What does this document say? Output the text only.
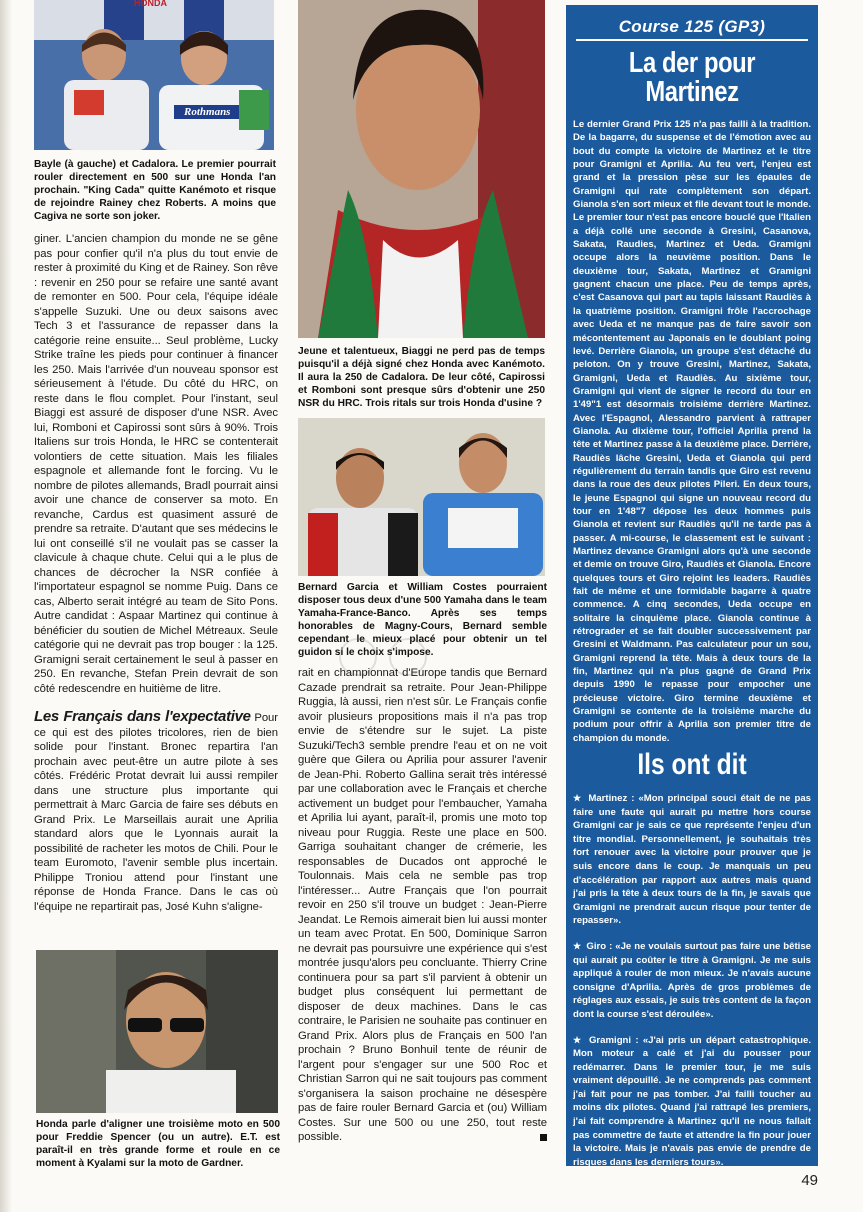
HONDA
Rothmans
Bayle (à gauche) et Cadalora. Le premier pourrait rouler directement en 500 sur une Honda l'an prochain. "King Cada" quitte Kanémoto et risque de rejoindre Rainey chez Roberts. A moins que Cagiva ne sorte son joker.

giner. L'ancien champion du monde ne se gêne pas pour confier qu'il n'a plus du tout envie de rester à proximité du King et de Rainey. Son rêve : revenir en 250 pour se refaire une santé avant de remonter en 500. Pour cela, l'équipe idéale s'appelle Suzuki. Une ou deux saisons avec Tech 3 et l'assurance de repasser dans la catégorie reine ensuite... Seul problème, Lucky Strike traîne les pieds pour continuer à financer les 250. Mais l'arrivée d'un nouveau sponsor est sérieusement à l'étude. Du côté du HRC, on reste dans le flou complet. Pour l'instant, seul Biaggi est assuré de disposer d'une NSR. Avec lui, Romboni et Capirossi sont sûrs à 90%. Trois Italiens sur trois Honda, le HRC se contenterait volontiers de cette situation. Mais les filiales espagnole et allemande font le forcing. Vu le nombre de pilotes allemands, Bradl pourrait ainsi avoir une chance de conserver sa moto. En revanche, Cardus est quasiment assuré de prendre sa retraite. D'autant que ses médecins le lui ont conseillé s'il ne voulait pas se casser la clavicule à chaque chute. Celui qui a le plus de chances de décrocher la NSR confiée à l'importateur espagnol se nomme Puig. Dans ce cas, Alberto serait intégré au team de Sito Pons. Autre candidat : Aspaar Martinez qui continue à bénéficier du soutien de Michel Métreaux. Seule catégorie qui ne devrait pas trop bouger : la 125. Gramigni serait certainement le seul à passer en 250. En revanche, Stefan Prein devrait de son côté redescendre en huitième de litre.

Les Français dans l'expectative Pour ce qui est des pilotes tricolores, rien de bien solide pour l'instant. Bronec repartira l'an prochain avec peut-être un autre pilote à ses côtés. Frédéric Protat devrait lui aussi rempiler dans une structure plus importante qui permettrait à Marc Garcia de faire ses débuts en Grand Prix. Le Marseillais aurait une Aprilia standard alors que le Lyonnais aurait la possibilité de racheter les motos de Chili. Pour le team Euromoto, l'avenir semble plus incertain. Philippe Troniou attend pour l'instant une réponse de Honda France. Dans le cas où l'équipe ne repartirait pas, José Kuhn s'aligne-

Honda parle d'aligner une troisième moto en 500 pour Freddie Spencer (ou un autre). E.T. est paraît-il en très grande forme et roule en ce moment à Kyalami sur la moto de Gardner.
Jeune et talentueux, Biaggi ne perd pas de temps puisqu'il a déjà signé chez Honda avec Kanémoto. Il aura la 250 de Cadalora. De leur côté, Capirossi et Romboni sont presque sûrs d'obtenir une 250 NSR du HRC. Trois ritals sur trois Honda d'usine ?
Bernard Garcia et William Costes pourraient disposer tous deux d'une 500 Yamaha dans le team Yamaha-France-Banco. Après ses temps honorables de Magny-Cours, Bernard semble cependant le mieux placé pour obtenir un tel guidon si le choix s'impose.

rait en championnat d'Europe tandis que Bernard Cazade prendrait sa retraite. Pour Jean-Philippe Ruggia, là aussi, rien n'est sûr. Le Français confie avoir plusieurs propositions mais il n'a pas trop envie de s'étendre sur le sujet. La piste Suzuki/Tech3 semble prendre l'eau et on ne voit guère que Gilera ou Aprilia pour assurer l'avenir de Jean-Phi. Roberto Gallina serait très intéressé par une collaboration avec le Français et cherche activement un budget pour l'embaucher, Yamaha et Aprilia lui ayant, paraît-il, promis une moto top niveau pour Ruggia. Reste une place en 500. Garriga souhaitant changer de crémerie, les responsables de Ducados ont approché le Toulonnais. Mais cela ne semble pas trop l'intéresser... Autre Français que l'on pourrait revoir en 250 s'il trouve un budget : Jean-Pierre Jeandat. Le Remois aimerait bien lui aussi monter un team avec Protat. En 500, Dominique Sarron ne devrait pas poursuivre une expérience qui s'est montrée jusqu'alors peu concluante. Thierry Crine continuera pour sa part s'il parvient à obtenir un budget plus conséquent lui permettant de disposer de deux machines. Dans le cas contraire, le Parisien ne souhaite pas continuer en Grand Prix. Alors plus de Français en 500 l'an prochain ? Bruno Bonhuil tente de réunir de l'argent pour s'engager sur une 500 Roc et Christian Sarron qui ne sait toujours pas comment s'organisera la saison prochaine ne désespère pas de faire rouler Bernard Garcia et (ou) William Costes. Sur une 500 ou une 250, tout reste possible.

Course 125 (GP3)
La der pour
Martinez
Le dernier Grand Prix 125 n'a pas failli à la tradition. De la bagarre, du suspense et de l'émotion avec au bout du compte la victoire de Martinez et le titre pour Gramigni et Aprilia. Au feu vert, l'enjeu est grand et la pression pèse sur les épaules de Gramigni qui rate complètement son départ. Gianola s'en sort mieux et file devant tout le monde. Le premier tour n'est pas encore bouclé que l'Italien a déjà collé une seconde à Gresini, Casanova, Sakata, Raudies, Martinez et Ueda. Gramigni occupe alors la neuvième position. Dans le deuxième tour, Sakata, Martinez et Gramigni gagnent chacun une place. Peu de temps après, c'est Casanova qui part au tapis laissant Raudiès à la quatrième position. Gramigni frôle l'accrochage avec Ueda et ne manque pas de faire savoir son mécontentement au Japonais en le doublant poing levé. Derrière Gianola, un groupe s'est détaché du peloton. On y trouve Gresini, Martinez, Sakata, Gramigni, Ueda et Raudiès. Au sixième tour, Gramigni qui vient de signer le record du tour en 1'49"1 est désormais troisième derrière Martinez. Avec l'Espagnol, Alessandro parvient à rattraper Gianola. Au dixième tour, l'officiel Aprilia prend la tête et Martinez passe à la deuxième place. Derrière, Raudiès lâche Gresini, Ueda et Gianola qui perd régulièrement du terrain tandis que Giro est revenu dans la roue des deux pilotes Pileri. En deux tours, le jeune Espagnol qui signe un nouveau record du tour en 1'48"7 dépose les deux hommes puis Gianola et revient sur Raudiès qu'il ne tarde pas à passer. A mi-course, le classement est le suivant : Martinez devance Gramigni alors qu'à une seconde et demie on trouve Giro, Raudiès et Gianola. Encore quelques tours et Giro rejoint les leaders. Raudiès fait de même et une formidable bagarre à quatre commence. A cinq secondes, Ueda occupe en solitaire la cinquième place. Gianola continue à rétrograder et se fait doubler successivement par Gresini et Waldmann. Pas calculateur pour un sou, Gramigni reprend la tête. Mais à deux tours de la fin, Martinez qui n'a plus gagné de Grand Prix depuis 1990 le repasse pour empocher une précieuse victoire. Giro termine deuxième et Gramigni se contente de la troisième marche du podium pour offrir à Aprilia son premier titre de champion du monde.
Ils ont dit

★ Martinez : «Mon principal souci était de ne pas faire une faute qui aurait pu mettre hors course Gramigni car je sais ce que représente l'enjeu d'un titre mondial. Personnellement, je souhaitais très fort renouer avec la victoire pour prouver que je suis encore dans le coup. Je manquais un peu d'accélération par rapport aux autres mais quand j'ai pris la tête à deux tours de la fin, je savais que Gramigni ne prendrait aucun risque pour tenter de repasser».

★ Giro : «Je ne voulais surtout pas faire une bêtise qui aurait pu coûter le titre à Gramigni. Je me suis appliqué à rouler de mon mieux. Je n'avais aucune consigne d'Aprilia. Après de gros problèmes de réglages aux essais, je suis très content de la façon dont la course s'est déroulée».

★ Gramigni : «J'ai pris un départ catastrophique. Mon moteur a calé et j'ai du pousser pour redémarrer. Dans le premier tour, je me suis vraiment dépouillé. Je ne comprends pas comment j'ai fait pour ne pas tomber. J'ai failli toucher au moins dix pilotes. Quand j'ai rattrapé les premiers, j'ai fait comprendre à Martinez qu'il ne nous fallait pas commettre de faute et attendre la fin pour jouer la victoire. Mais je n'avais pas envie de prendre de risques dans les derniers tours».

49
